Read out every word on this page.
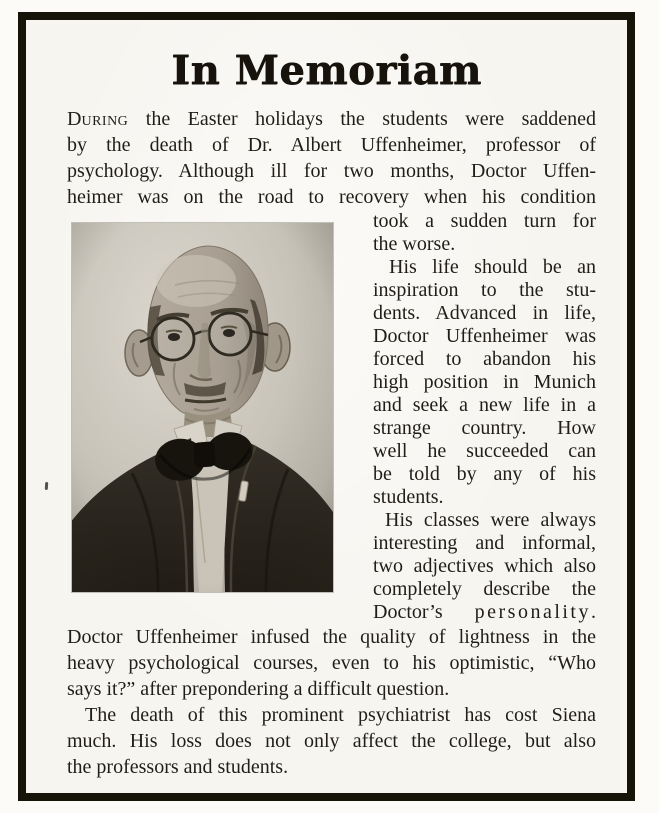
In Memoriam
During the Easter holidays the students were saddened
by the death of Dr. Albert Uffenheimer, professor of
psychology. Although ill for two months, Doctor Uffen-
heimer was on the road to recovery when his condition
took a sudden turn for
the worse.
His life should be an
inspiration to the stu-
dents. Advanced in life,
Doctor Uffenheimer was
forced to abandon his
high position in Munich
and seek a new life in a
strange country. How
well he succeeded can
be told by any of his
students.
His classes were always
interesting and informal,
two adjectives which also
completely describe the
Doctor’s personality.
Doctor Uffenheimer infused the quality of lightness in the
heavy psychological courses, even to his optimistic, “Who
says it?” after prepondering a difficult question.
The death of this prominent psychiatrist has cost Siena
much. His loss does not only affect the college, but also
the professors and students.
